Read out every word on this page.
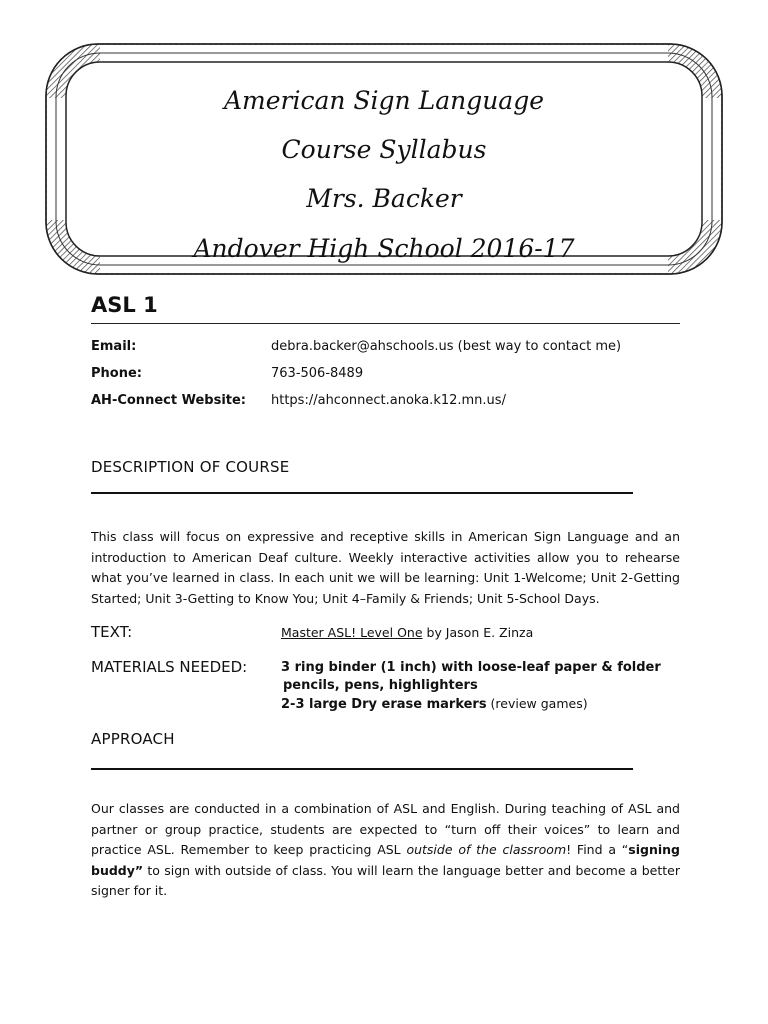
American Sign Language
Course Syllabus
Mrs. Backer
Andover High School 2016-17
ASL 1
Email:	debra.backer@ahschools.us (best way to contact me)
Phone:	763-506-8489
AH-Connect Website: https://ahconnect.anoka.k12.mn.us/
DESCRIPTION OF COURSE
This class will focus on expressive and receptive skills in American Sign Language and an introduction to American Deaf culture. Weekly interactive activities allow you to rehearse what you’ve learned in class. In each unit we will be learning: Unit 1-Welcome; Unit 2-Getting Started; Unit 3-Getting to Know You; Unit 4–Family & Friends; Unit 5-School Days.
TEXT:	Master ASL! Level One by Jason E. Zinza
MATERIALS NEEDED:	3 ring binder (1 inch) with loose-leaf paper & folder
pencils, pens, highlighters
2-3 large Dry erase markers (review games)
APPROACH
Our classes are conducted in a combination of ASL and English. During teaching of ASL and partner or group practice, students are expected to “turn off their voices” to learn and practice ASL. Remember to keep practicing ASL outside of the classroom! Find a “signing buddy” to sign with outside of class. You will learn the language better and become a better signer for it.
